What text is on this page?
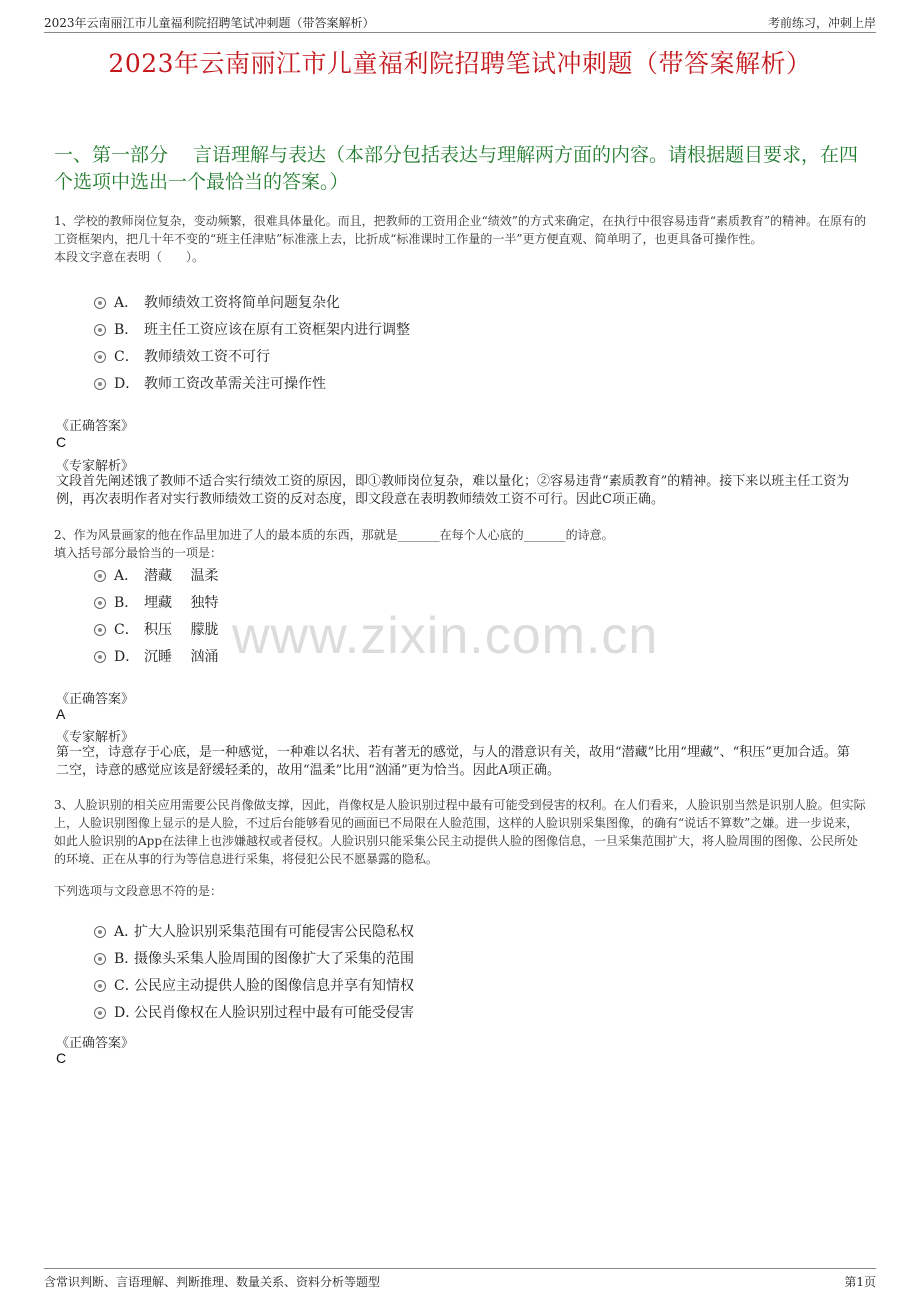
2023年云南丽江市儿童福利院招聘笔试冲刺题（带答案解析）	考前练习，冲刺上岸
2023年云南丽江市儿童福利院招聘笔试冲刺题（带答案解析）
一、第一部分　 言语理解与表达（本部分包括表达与理解两方面的内容。请根据题目要求，在四个选项中选出一个最恰当的答案。）
www.zixin.com.cn

1、学校的教师岗位复杂，变动频繁，很难具体量化。而且，把教师的工资用企业“绩效”的方式来确定，在执行中很容易违背“素质教育”的精神。在原有的工资框架内，把几十年不变的“班主任津贴”标准涨上去，比折成“标准课时工作量的一半”更方便直观、简单明了，也更具备可操作性。

本段文字意在表明（　　）。

A． 教师绩效工资将简单问题复杂化
B． 班主任工资应该在原有工资框架内进行调整
C． 教师绩效工资不可行
D． 教师工资改革需关注可操作性
《正确答案》
C
《专家解析》
文段首先阐述饿了教师不适合实行绩效工资的原因，即①教师岗位复杂，难以量化；②容易违背“素质教育”的精神。接下来以班主任工资为例，再次表明作者对实行教师绩效工资的反对态度，即文段意在表明教师绩效工资不可行。因此C项正确。

2、作为风景画家的他在作品里加进了人的最本质的东西，那就是_______在每个人心底的_______的诗意。

填入括号部分最恰当的一项是：

A． 潜藏　 温柔
B． 埋藏　 独特
C． 积压　 朦胧
D． 沉睡　 汹涌
《正确答案》
A
《专家解析》
第一空，诗意存于心底，是一种感觉，一种难以名状、若有著无的感觉，与人的潜意识有关，故用“潜藏”比用“埋藏”、“积压”更加合适。第二空，诗意的感觉应该是舒缓轻柔的，故用“温柔”比用“汹涌”更为恰当。因此A项正确。

3、人脸识别的相关应用需要公民肖像做支撑，因此，肖像权是人脸识别过程中最有可能受到侵害的权利。在人们看来，人脸识别当然是识别人脸。但实际上，人脸识别图像上显示的是人脸，不过后台能够看见的画面已不局限在人脸范围，这样的人脸识别采集图像，的确有“说话不算数”之嫌。进一步说来，如此人脸识别的App在法律上也涉嫌越权或者侵权。人脸识别只能采集公民主动提供人脸的图像信息，一旦采集范围扩大，将人脸周围的图像、公民所处的环境、正在从事的行为等信息进行采集，将侵犯公民不愿暴露的隐私。

下列选项与文段意思不符的是：

A．
扩大人脸识别采集范围有可能侵害公民隐私权
B．
摄像头采集人脸周围的图像扩大了采集的范围
C．
公民应主动提供人脸的图像信息并享有知情权
D．
公民肖像权在人脸识别过程中最有可能受侵害
《正确答案》
C
含常识判断、言语理解、判断推理、数量关系、资料分析等题型	第1页
